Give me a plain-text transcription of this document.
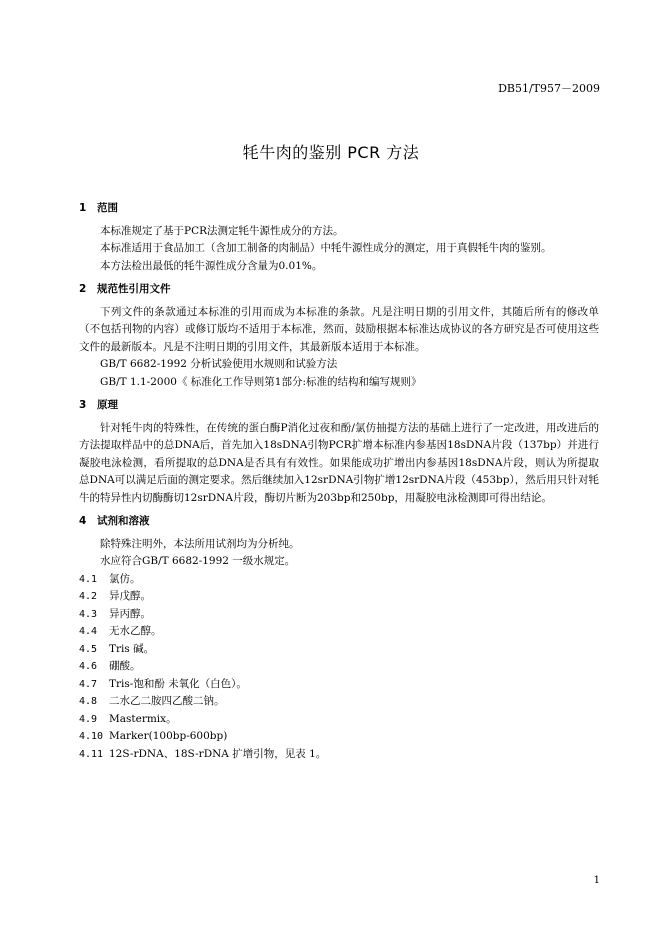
DB51/T957－2009
牦牛肉的鉴别 PCR 方法
1 范围

本标准规定了基于PCR法测定牦牛源性成分的方法。

本标准适用于食品加工（含加工制备的肉制品）中牦牛源性成分的测定，用于真假牦牛肉的鉴别。

本方法检出最低的牦牛源性成分含量为0.01%。

2 规范性引用文件

下列文件的条款通过本标准的引用而成为本标准的条款。凡是注明日期的引用文件，其随后所有的修改单（不包括刊物的内容）或修订版均不适用于本标准，然而，鼓励根据本标准达成协议的各方研究是否可使用这些文件的最新版本。凡是不注明日期的引用文件，其最新版本适用于本标准。

GB/T 6682-1992 分析试验使用水规则和试验方法

GB/T 1.1-2000《 标准化工作导则第1部分:标准的结构和编写规则》

3 原理

针对牦牛肉的特殊性，在传统的蛋白酶P消化过夜和酚/氯仿抽提方法的基础上进行了一定改进，用改进后的方法提取样品中的总DNA后，首先加入18sDNA引物PCR扩增本标准内参基因18sDNA片段（137bp）并进行凝胶电泳检测，看所提取的总DNA是否具有有效性。如果能成功扩增出内参基因18sDNA片段，则认为所提取总DNA可以满足后面的测定要求。然后继续加入12srDNA引物扩增12srDNA片段（453bp），然后用只针对牦牛的特异性内切酶酶切12srDNA片段，酶切片断为203bp和250bp，用凝胶电泳检测即可得出结论。

4 试剂和溶液

除特殊注明外，本法所用试剂均为分析纯。

水应符合GB/T 6682-1992 一级水规定。

4.1 氯仿。

4.2 异戊醇。

4.3 异丙醇。

4.4 无水乙醇。

4.5 Tris 碱。

4.6 硼酸。

4.7 Tris-饱和酚 未氧化（白色）。

4.8 二水乙二胺四乙酸二钠。

4.9 Mastermix。

4.10 Marker(100bp-600bp)

4.11 12S-rDNA、18S-rDNA 扩增引物，见表 1。

1
